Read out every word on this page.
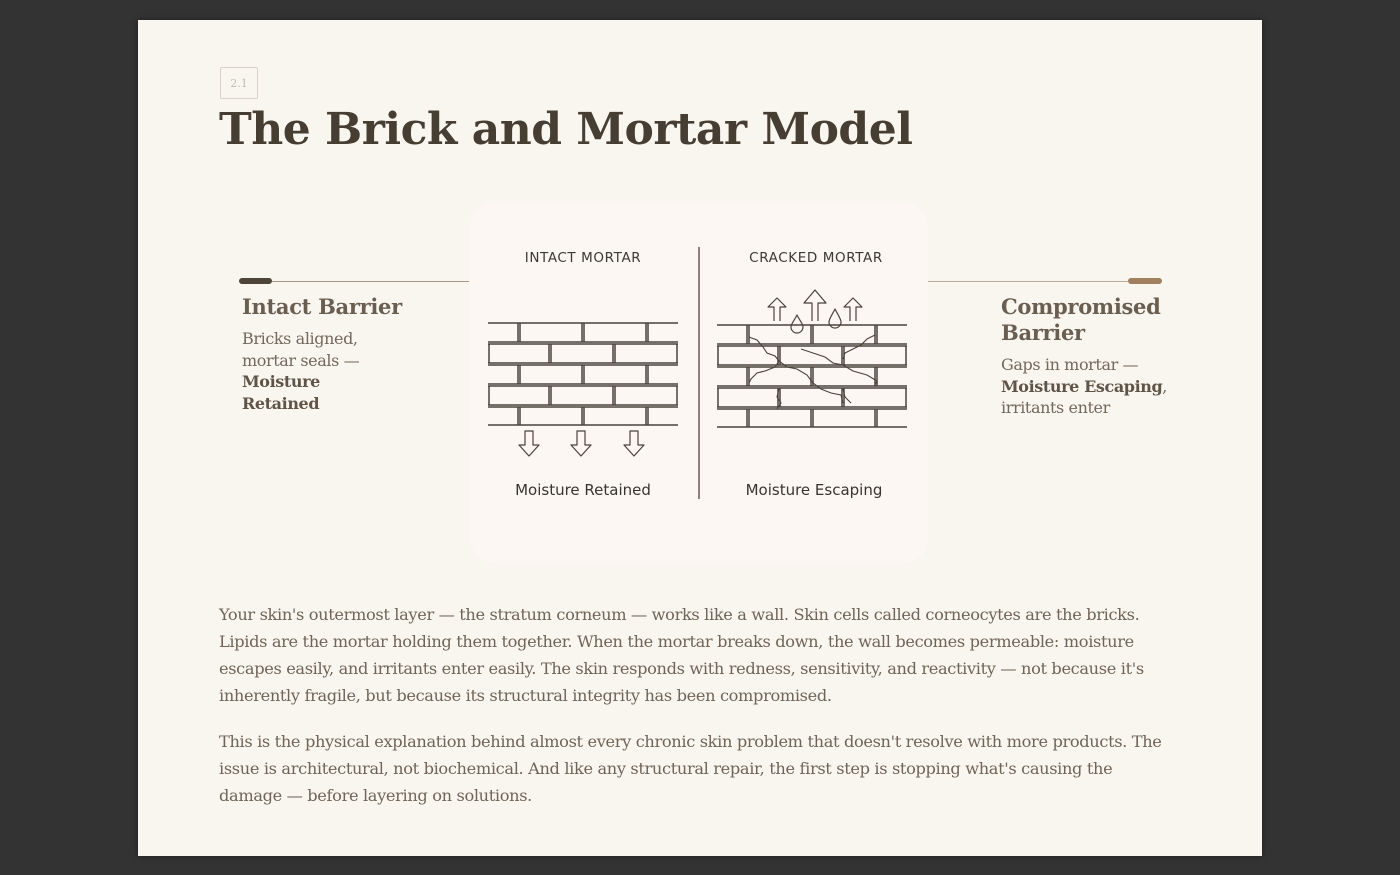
2.1
The Brick and Mortar Model
Intact Barrier
Bricks aligned, mortar seals — Moisture Retained
Compromised Barrier
Gaps in mortar — Moisture Escaping, irritants enter
INTACT MORTAR	CRACKED MORTAR
Moisture Retained	Moisture Escaping

Your skin's outermost layer — the stratum corneum — works like a wall. Skin cells called corneocytes are the bricks. Lipids are the mortar holding them together. When the mortar breaks down, the wall becomes permeable: moisture escapes easily, and irritants enter easily. The skin responds with redness, sensitivity, and reactivity — not because it's inherently fragile, but because its structural integrity has been compromised.

This is the physical explanation behind almost every chronic skin problem that doesn't resolve with more products. The issue is architectural, not biochemical. And like any structural repair, the first step is stopping what's causing the damage — before layering on solutions.
